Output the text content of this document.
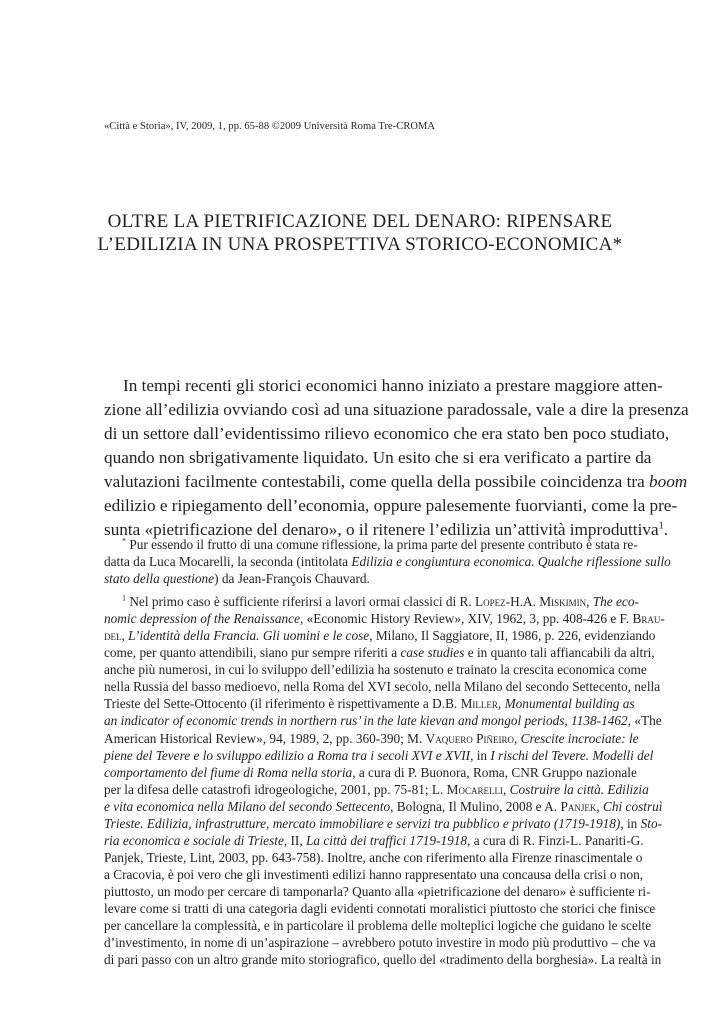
«Città e Storia», IV, 2009, 1, pp. 65-88 ©2009 Università Roma Tre-CROMA
OLTRE LA PIETRIFICAZIONE DEL DENARO: RIPENSARE
L’EDILIZIA IN UNA PROSPETTIVA STORICO-ECONOMICA*
In tempi recenti gli storici economici hanno iniziato a prestare maggiore atten-
zione all’edilizia ovviando così ad una situazione paradossale, vale a dire la presenza
di un settore dall’evidentissimo rilievo economico che era stato ben poco studiato,
quando non sbrigativamente liquidato. Un esito che si era verificato a partire da
valutazioni facilmente contestabili, come quella della possibile coincidenza tra boom
edilizio e ripiegamento dell’economia, oppure palesemente fuorvianti, come la pre-
sunta «pietrificazione del denaro», o il ritenere l’edilizia un’attività improduttiva$^1$.
* Pur essendo il frutto di una comune riflessione, la prima parte del presente contributo è stata re-
datta da Luca Mocarelli, la seconda (intitolata Edilizia e congiuntura economica. Qualche riflessione sullo
stato della questione) da Jean-François Chauvard.
$^1$ Nel primo caso è sufficiente riferirsi a lavori ormai classici di R. Lopez-H.A. Miskimin, The eco-
nomic depression of the Renaissance, «Economic History Review», XIV, 1962, 3, pp. 408-426 e F. Brau-
del, L’identità della Francia. Gli uomini e le cose, Milano, Il Saggiatore, II, 1986, p. 226, evidenziando
come, per quanto attendibili, siano pur sempre riferiti a case studies e in quanto tali affiancabili da altri,
anche più numerosi, in cui lo sviluppo dell’edilizia ha sostenuto e trainato la crescita economica come
nella Russia del basso medioevo, nella Roma del XVI secolo, nella Milano del secondo Settecento, nella
Trieste del Sette-Ottocento (il riferimento è rispettivamente a D.B. Miller, Monumental building as
an indicator of economic trends in northern rus’ in the late kievan and mongol periods, 1138-1462, «The
American Historical Review», 94, 1989, 2, pp. 360-390; M. Vaquero Piñeiro, Crescite incrociate: le
piene del Tevere e lo sviluppo edilizio a Roma tra i secoli XVI e XVII, in I rischi del Tevere. Modelli del
comportamento del fiume di Roma nella storia, a cura di P. Buonora, Roma, CNR Gruppo nazionale
per la difesa delle catastrofi idrogeologiche, 2001, pp. 75-81; L. Mocarelli, Costruire la città. Edilizia
e vita economica nella Milano del secondo Settecento, Bologna, Il Mulino, 2008 e A. Panjek, Chi costruì
Trieste. Edilizia, infrastrutture, mercato immobiliare e servizi tra pubblico e privato (1719-1918), in Sto-
ria economica e sociale di Trieste, II, La città dei traffici 1719-1918, a cura di R. Finzi-L. Panariti-G.
Panjek, Trieste, Lint, 2003, pp. 643-758). Inoltre, anche con riferimento alla Firenze rinascimentale o
a Cracovia, è poi vero che gli investimenti edilizi hanno rappresentato una concausa della crisi o non,
piuttosto, un modo per cercare di tamponarla? Quanto alla «pietrificazione del denaro» è sufficiente ri-
levare come si tratti di una categoria dagli evidenti connotati moralistici piuttosto che storici che finisce
per cancellare la complessità, e in particolare il problema delle molteplici logiche che guidano le scelte
d’investimento, in nome di un’aspirazione – avrebbero potuto investire in modo più produttivo – che va
di pari passo con un altro grande mito storiografico, quello del «tradimento della borghesia». La realtà in
